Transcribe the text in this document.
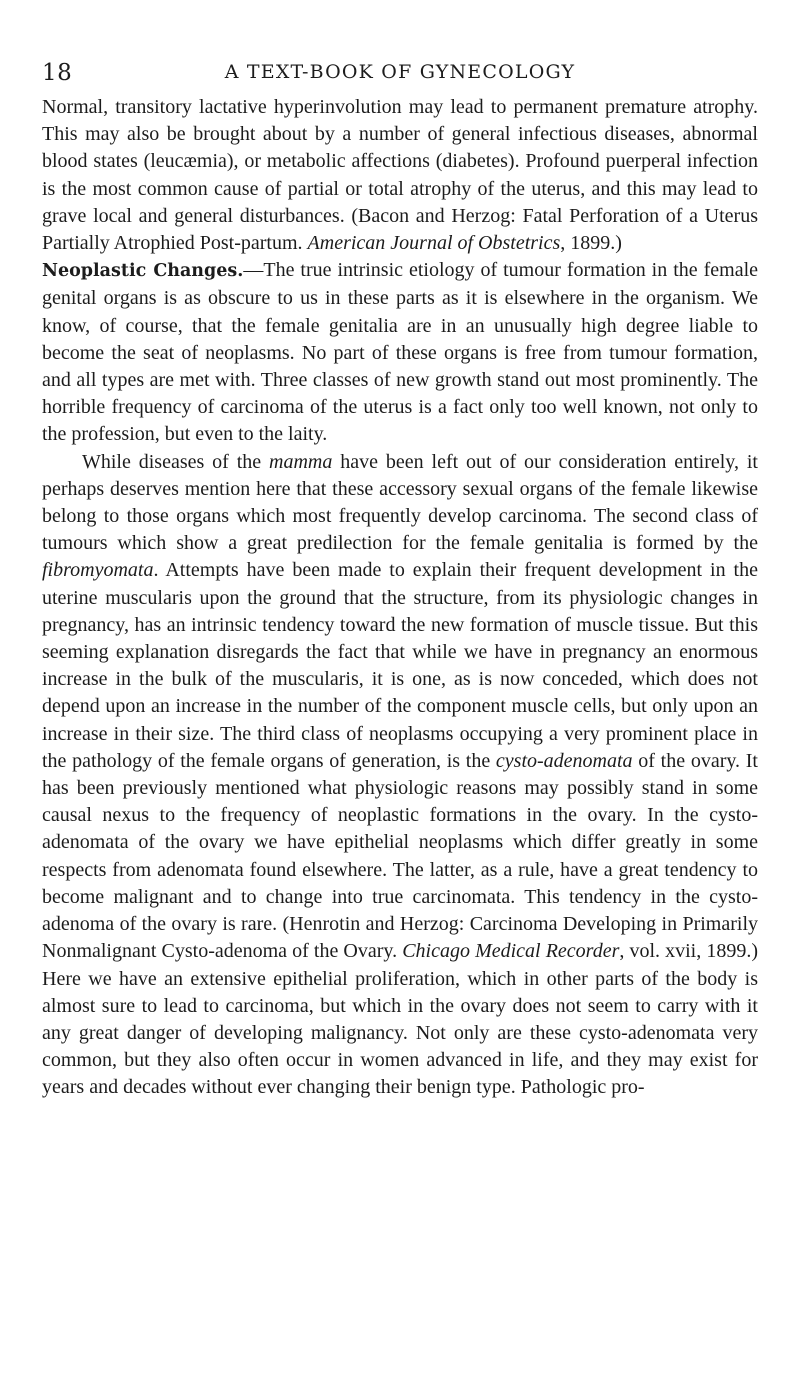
18	A TEXT-BOOK OF GYNECOLOGY

Normal, transitory lactative hyperinvolution may lead to permanent premature atrophy. This may also be brought about by a number of general infectious diseases, abnormal blood states (leucæmia), or metabolic affections (diabetes). Profound puerperal infection is the most common cause of partial or total atrophy of the uterus, and this may lead to grave local and general disturbances. (Bacon and Herzog: Fatal Perforation of a Uterus Partially Atrophied Post-partum. American Journal of Obstetrics, 1899.)

Neoplastic Changes.—The true intrinsic etiology of tumour formation in the female genital organs is as obscure to us in these parts as it is elsewhere in the organism. We know, of course, that the female genitalia are in an unusually high degree liable to become the seat of neoplasms. No part of these organs is free from tumour formation, and all types are met with. Three classes of new growth stand out most prominently. The horrible frequency of carcinoma of the uterus is a fact only too well known, not only to the profession, but even to the laity.

While diseases of the mamma have been left out of our consideration entirely, it perhaps deserves mention here that these accessory sexual organs of the female likewise belong to those organs which most frequently develop carcinoma. The second class of tumours which show a great predilection for the female genitalia is formed by the fibromyomata. Attempts have been made to explain their frequent development in the uterine muscularis upon the ground that the structure, from its physiologic changes in pregnancy, has an intrinsic tendency toward the new formation of muscle tissue. But this seeming explanation disregards the fact that while we have in pregnancy an enormous increase in the bulk of the muscularis, it is one, as is now conceded, which does not depend upon an increase in the number of the component muscle cells, but only upon an increase in their size. The third class of neoplasms occupying a very prominent place in the pathology of the female organs of generation, is the cysto-adenomata of the ovary. It has been previously mentioned what physiologic reasons may possibly stand in some causal nexus to the frequency of neoplastic formations in the ovary. In the cysto-adenomata of the ovary we have epithelial neoplasms which differ greatly in some respects from adenomata found elsewhere. The latter, as a rule, have a great tendency to become malignant and to change into true carcinomata. This tendency in the cysto-adenoma of the ovary is rare. (Henrotin and Herzog: Carcinoma Developing in Primarily Nonmalignant Cysto-adenoma of the Ovary. Chicago Medical Recorder, vol. xvii, 1899.) Here we have an extensive epithelial proliferation, which in other parts of the body is almost sure to lead to carcinoma, but which in the ovary does not seem to carry with it any great danger of developing malignancy. Not only are these cysto-adenomata very common, but they also often occur in women advanced in life, and they may exist for years and decades without ever changing their benign type. Pathologic pro-
